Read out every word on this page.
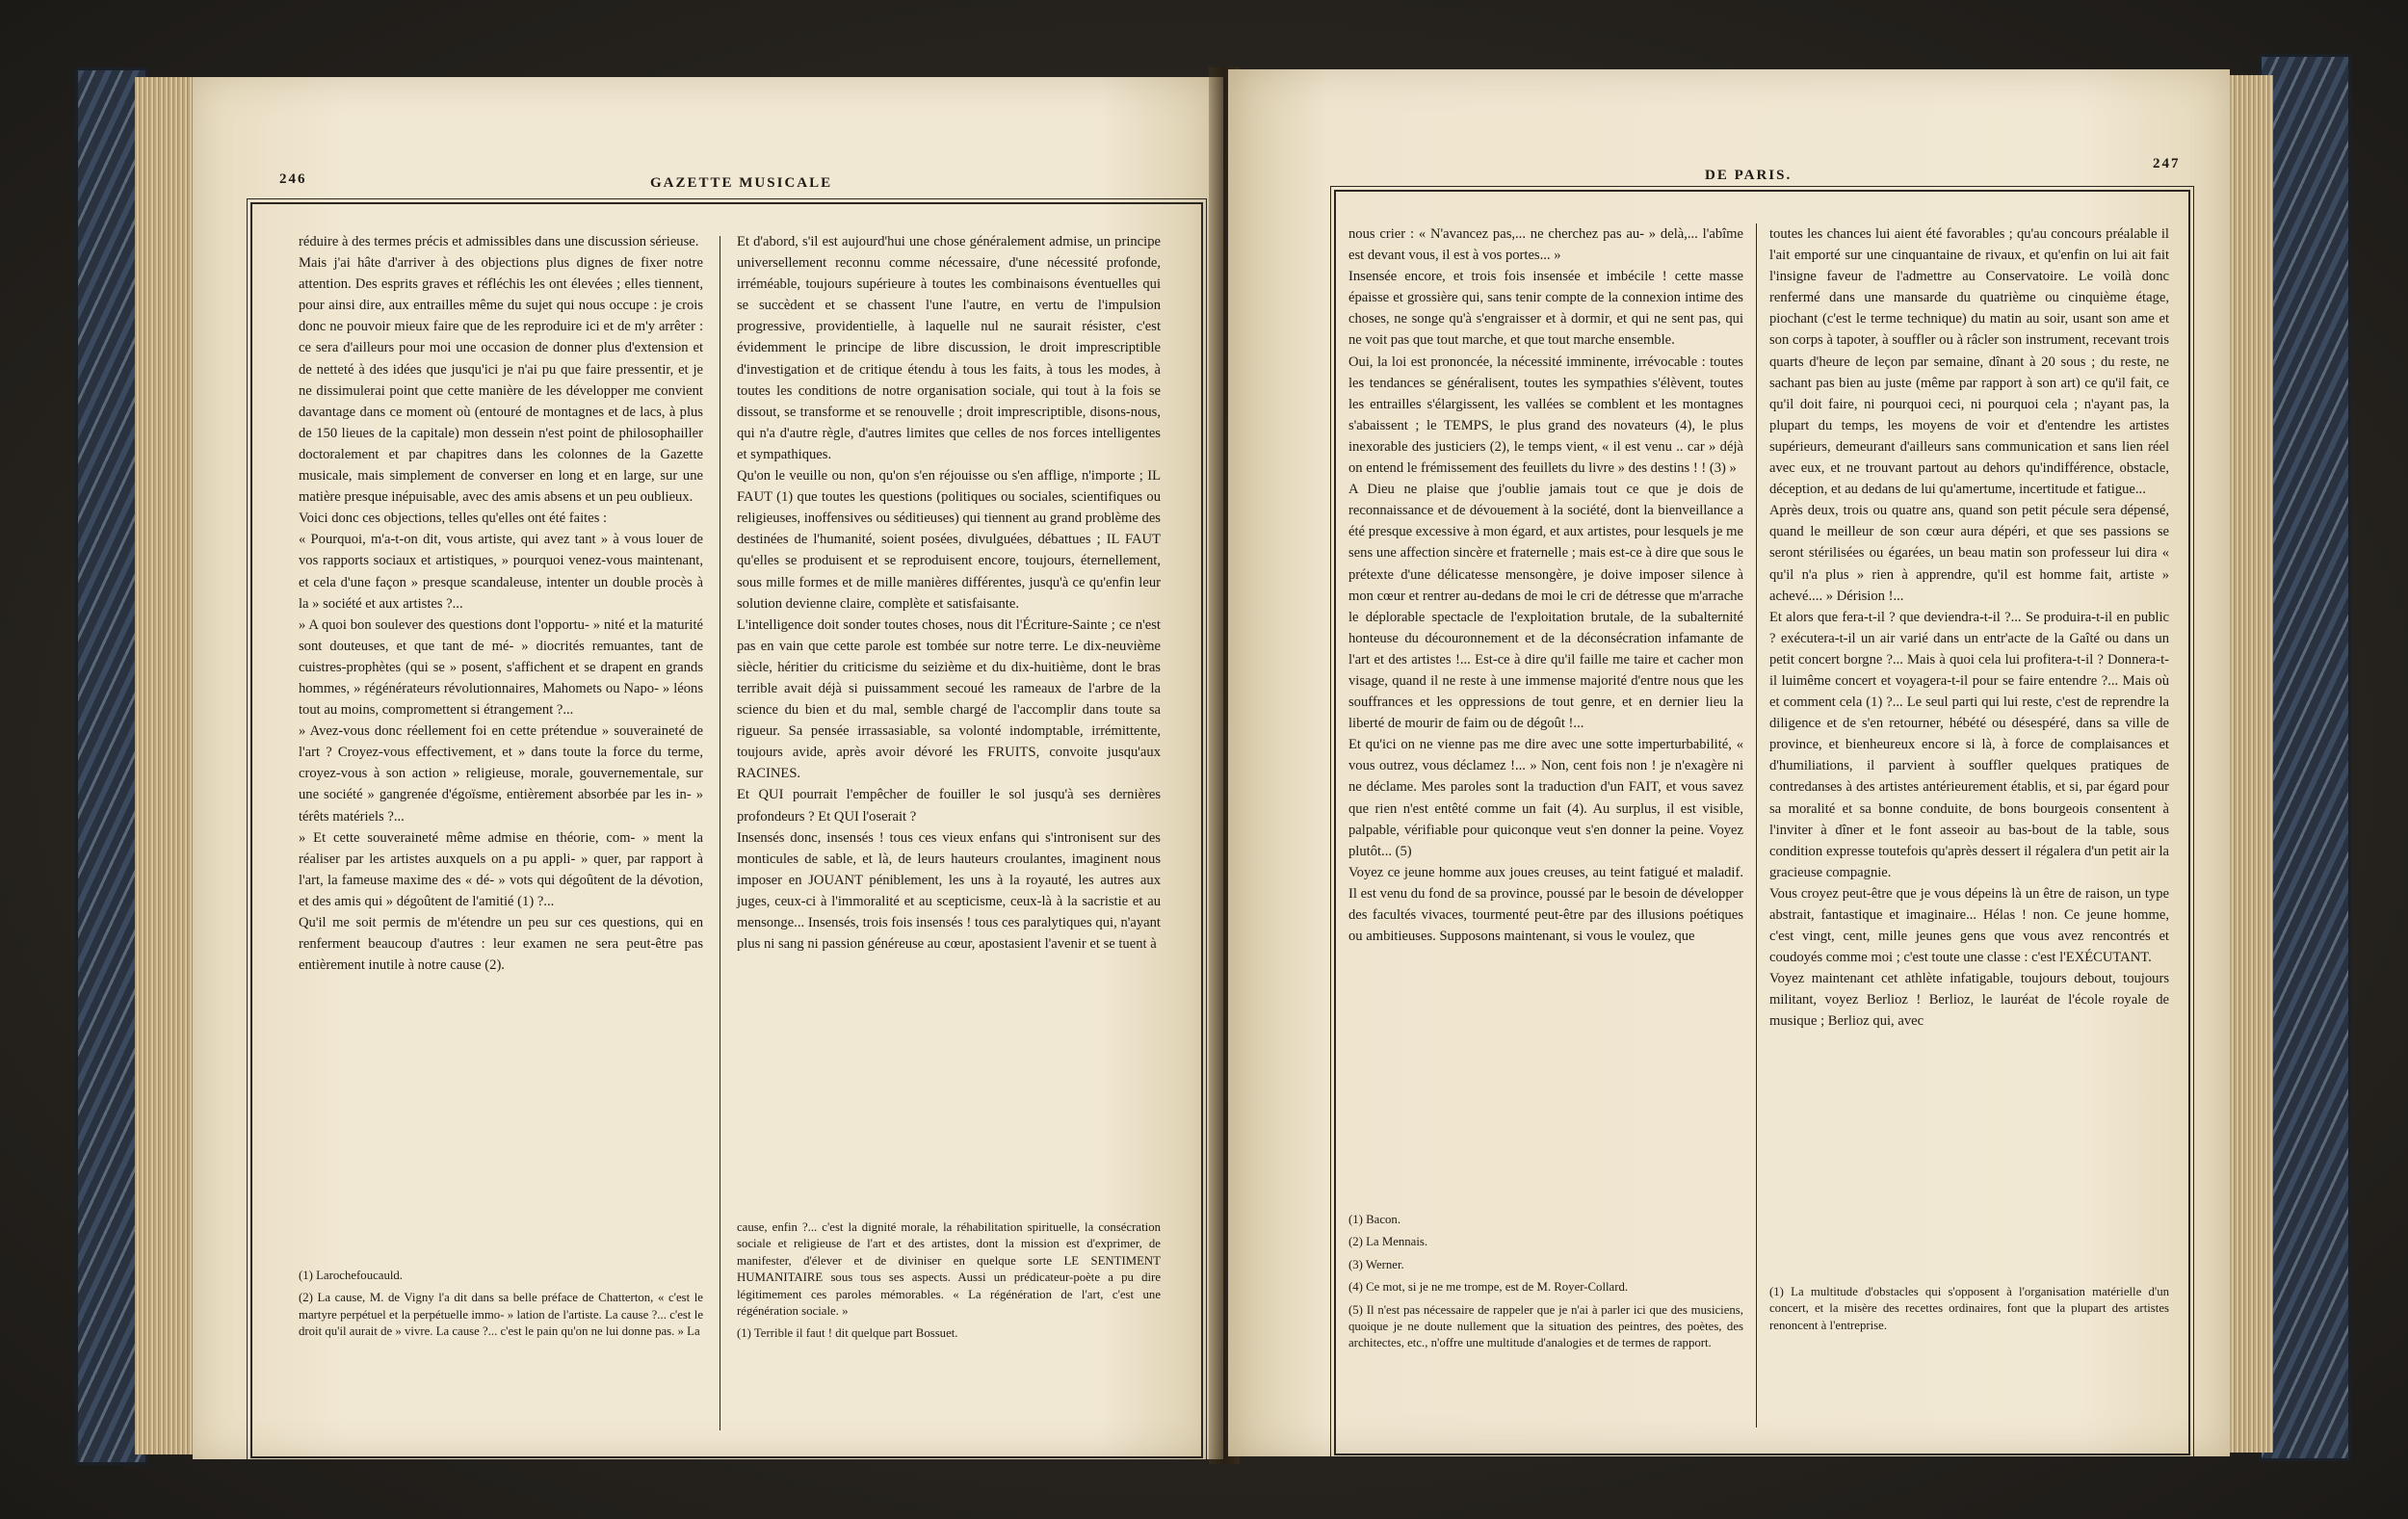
246	GAZETTE MUSICALE

réduire à des termes précis et admissibles dans une discussion sérieuse.

Mais j'ai hâte d'arriver à des objections plus dignes de fixer notre attention. Des esprits graves et réfléchis les ont élevées ; elles tiennent, pour ainsi dire, aux entrailles même du sujet qui nous occupe : je crois donc ne pouvoir mieux faire que de les reproduire ici et de m'y arrêter : ce sera d'ailleurs pour moi une occasion de donner plus d'extension et de netteté à des idées que jusqu'ici je n'ai pu que faire pressentir, et je ne dissimulerai point que cette manière de les développer me convient davantage dans ce moment où (entouré de montagnes et de lacs, à plus de 150 lieues de la capitale) mon dessein n'est point de philosophailler doctoralement et par chapitres dans les colonnes de la Gazette musicale, mais simplement de converser en long et en large, sur une matière presque inépuisable, avec des amis absens et un peu oublieux.

Voici donc ces objections, telles qu'elles ont été faites :

« Pourquoi, m'a-t-on dit, vous artiste, qui avez tant » à vous louer de vos rapports sociaux et artistiques, » pourquoi venez-vous maintenant, et cela d'une façon » presque scandaleuse, intenter un double procès à la » société et aux artistes ?...

» A quoi bon soulever des questions dont l'opportu- » nité et la maturité sont douteuses, et que tant de mé- » diocrités remuantes, tant de cuistres-prophètes (qui se » posent, s'affichent et se drapent en grands hommes, » régénérateurs révolutionnaires, Mahomets ou Napo- » léons tout au moins, compromettent si étrangement ?...

» Avez-vous donc réellement foi en cette prétendue » souveraineté de l'art ? Croyez-vous effectivement, et » dans toute la force du terme, croyez-vous à son action » religieuse, morale, gouvernementale, sur une société » gangrenée d'égoïsme, entièrement absorbée par les in- » térêts matériels ?...

» Et cette souveraineté même admise en théorie, com- » ment la réaliser par les artistes auxquels on a pu appli- » quer, par rapport à l'art, la fameuse maxime des « dé- » vots qui dégoûtent de la dévotion, et des amis qui » dégoûtent de l'amitié (1) ?...

Qu'il me soit permis de m'étendre un peu sur ces questions, qui en renferment beaucoup d'autres : leur examen ne sera peut-être pas entièrement inutile à notre cause (2).

(1) Larochefoucauld.

(2) La cause, M. de Vigny l'a dit dans sa belle préface de Chatterton, « c'est le martyre perpétuel et la perpétuelle immo- » lation de l'artiste. La cause ?... c'est le droit qu'il aurait de » vivre. La cause ?... c'est le pain qu'on ne lui donne pas. » La

Et d'abord, s'il est aujourd'hui une chose généralement admise, un principe universellement reconnu comme nécessaire, d'une nécessité profonde, irréméable, toujours supérieure à toutes les combinaisons éventuelles qui se succèdent et se chassent l'une l'autre, en vertu de l'impulsion progressive, providentielle, à laquelle nul ne saurait résister, c'est évidemment le principe de libre discussion, le droit imprescriptible d'investigation et de critique étendu à tous les faits, à tous les modes, à toutes les conditions de notre organisation sociale, qui tout à la fois se dissout, se transforme et se renouvelle ; droit imprescriptible, disons-nous, qui n'a d'autre règle, d'autres limites que celles de nos forces intelligentes et sympathiques.

Qu'on le veuille ou non, qu'on s'en réjouisse ou s'en afflige, n'importe ; IL FAUT (1) que toutes les questions (politiques ou sociales, scientifiques ou religieuses, inoffensives ou séditieuses) qui tiennent au grand problème des destinées de l'humanité, soient posées, divulguées, débattues ; IL FAUT qu'elles se produisent et se reproduisent encore, toujours, éternellement, sous mille formes et de mille manières différentes, jusqu'à ce qu'enfin leur solution devienne claire, complète et satisfaisante.

L'intelligence doit sonder toutes choses, nous dit l'Écriture-Sainte ; ce n'est pas en vain que cette parole est tombée sur notre terre. Le dix-neuvième siècle, héritier du criticisme du seizième et du dix-huitième, dont le bras terrible avait déjà si puissamment secoué les rameaux de l'arbre de la science du bien et du mal, semble chargé de l'accomplir dans toute sa rigueur. Sa pensée irrassasiable, sa volonté indomptable, irrémittente, toujours avide, après avoir dévoré les FRUITS, convoite jusqu'aux RACINES.

Et QUI pourrait l'empêcher de fouiller le sol jusqu'à ses dernières profondeurs ? Et QUI l'oserait ?

Insensés donc, insensés ! tous ces vieux enfans qui s'intronisent sur des monticules de sable, et là, de leurs hauteurs croulantes, imaginent nous imposer en JOUANT péniblement, les uns à la royauté, les autres aux juges, ceux-ci à l'immoralité et au scepticisme, ceux-là à la sacristie et au mensonge... Insensés, trois fois insensés ! tous ces paralytiques qui, n'ayant plus ni sang ni passion généreuse au cœur, apostasient l'avenir et se tuent à

cause, enfin ?... c'est la dignité morale, la réhabilitation spirituelle, la consécration sociale et religieuse de l'art et des artistes, dont la mission est d'exprimer, de manifester, d'élever et de diviniser en quelque sorte LE SENTIMENT HUMANITAIRE sous tous ses aspects. Aussi un prédicateur-poète a pu dire légitimement ces paroles mémorables. « La régénération de l'art, c'est une régénération sociale. »

(1) Terrible il faut ! dit quelque part Bossuet.

DE PARIS.
247

nous crier : « N'avancez pas,... ne cherchez pas au- » delà,... l'abîme est devant vous, il est à vos portes... »

Insensée encore, et trois fois insensée et imbécile ! cette masse épaisse et grossière qui, sans tenir compte de la connexion intime des choses, ne songe qu'à s'engraisser et à dormir, et qui ne sent pas, qui ne voit pas que tout marche, et que tout marche ensemble.

Oui, la loi est prononcée, la nécessité imminente, irrévocable : toutes les tendances se généralisent, toutes les sympathies s'élèvent, toutes les entrailles s'élargissent, les vallées se comblent et les montagnes s'abaissent ; le TEMPS, le plus grand des novateurs (4), le plus inexorable des justiciers (2), le temps vient, « il est venu .. car » déjà on entend le frémissement des feuillets du livre » des destins ! ! (3) »

A Dieu ne plaise que j'oublie jamais tout ce que je dois de reconnaissance et de dévouement à la société, dont la bienveillance a été presque excessive à mon égard, et aux artistes, pour lesquels je me sens une affection sincère et fraternelle ; mais est-ce à dire que sous le prétexte d'une délicatesse mensongère, je doive imposer silence à mon cœur et rentrer au-dedans de moi le cri de détresse que m'arrache le déplorable spectacle de l'exploitation brutale, de la subalternité honteuse du découronnement et de la déconsécration infamante de l'art et des artistes !... Est-ce à dire qu'il faille me taire et cacher mon visage, quand il ne reste à une immense majorité d'entre nous que les souffrances et les oppressions de tout genre, et en dernier lieu la liberté de mourir de faim ou de dégoût !...

Et qu'ici on ne vienne pas me dire avec une sotte imperturbabilité, « vous outrez, vous déclamez !... » Non, cent fois non ! je n'exagère ni ne déclame. Mes paroles sont la traduction d'un FAIT, et vous savez que rien n'est entêté comme un fait (4). Au surplus, il est visible, palpable, vérifiable pour quiconque veut s'en donner la peine. Voyez plutôt... (5)

Voyez ce jeune homme aux joues creuses, au teint fatigué et maladif. Il est venu du fond de sa province, poussé par le besoin de développer des facultés vivaces, tourmenté peut-être par des illusions poétiques ou ambitieuses. Supposons maintenant, si vous le voulez, que

(1) Bacon.

(2) La Mennais.

(3) Werner.

(4) Ce mot, si je ne me trompe, est de M. Royer-Collard.

(5) Il n'est pas nécessaire de rappeler que je n'ai à parler ici que des musiciens, quoique je ne doute nullement que la situation des peintres, des poètes, des architectes, etc., n'offre une multitude d'analogies et de termes de rapport.

toutes les chances lui aient été favorables ; qu'au concours préalable il l'ait emporté sur une cinquantaine de rivaux, et qu'enfin on lui ait fait l'insigne faveur de l'admettre au Conservatoire. Le voilà donc renfermé dans une mansarde du quatrième ou cinquième étage, piochant (c'est le terme technique) du matin au soir, usant son ame et son corps à tapoter, à souffler ou à râcler son instrument, recevant trois quarts d'heure de leçon par semaine, dînant à 20 sous ; du reste, ne sachant pas bien au juste (même par rapport à son art) ce qu'il fait, ce qu'il doit faire, ni pourquoi ceci, ni pourquoi cela ; n'ayant pas, la plupart du temps, les moyens de voir et d'entendre les artistes supérieurs, demeurant d'ailleurs sans communication et sans lien réel avec eux, et ne trouvant partout au dehors qu'indifférence, obstacle, déception, et au dedans de lui qu'amertume, incertitude et fatigue...

Après deux, trois ou quatre ans, quand son petit pécule sera dépensé, quand le meilleur de son cœur aura dépéri, et que ses passions se seront stérilisées ou égarées, un beau matin son professeur lui dira « qu'il n'a plus » rien à apprendre, qu'il est homme fait, artiste » achevé.... » Dérision !...

Et alors que fera-t-il ? que deviendra-t-il ?... Se produira-t-il en public ? exécutera-t-il un air varié dans un entr'acte de la Gaîté ou dans un petit concert borgne ?... Mais à quoi cela lui profitera-t-il ? Donnera-t-il luimême concert et voyagera-t-il pour se faire entendre ?... Mais où et comment cela (1) ?... Le seul parti qui lui reste, c'est de reprendre la diligence et de s'en retourner, hébété ou désespéré, dans sa ville de province, et bienheureux encore si là, à force de complaisances et d'humiliations, il parvient à souffler quelques pratiques de contredanses à des artistes antérieurement établis, et si, par égard pour sa moralité et sa bonne conduite, de bons bourgeois consentent à l'inviter à dîner et le font asseoir au bas-bout de la table, sous condition expresse toutefois qu'après dessert il régalera d'un petit air la gracieuse compagnie.

Vous croyez peut-être que je vous dépeins là un être de raison, un type abstrait, fantastique et imaginaire... Hélas ! non. Ce jeune homme, c'est vingt, cent, mille jeunes gens que vous avez rencontrés et coudoyés comme moi ; c'est toute une classe : c'est l'EXÉCUTANT.

Voyez maintenant cet athlète infatigable, toujours debout, toujours militant, voyez Berlioz ! Berlioz, le lauréat de l'école royale de musique ; Berlioz qui, avec

(1) La multitude d'obstacles qui s'opposent à l'organisation matérielle d'un concert, et la misère des recettes ordinaires, font que la plupart des artistes renoncent à l'entreprise.
